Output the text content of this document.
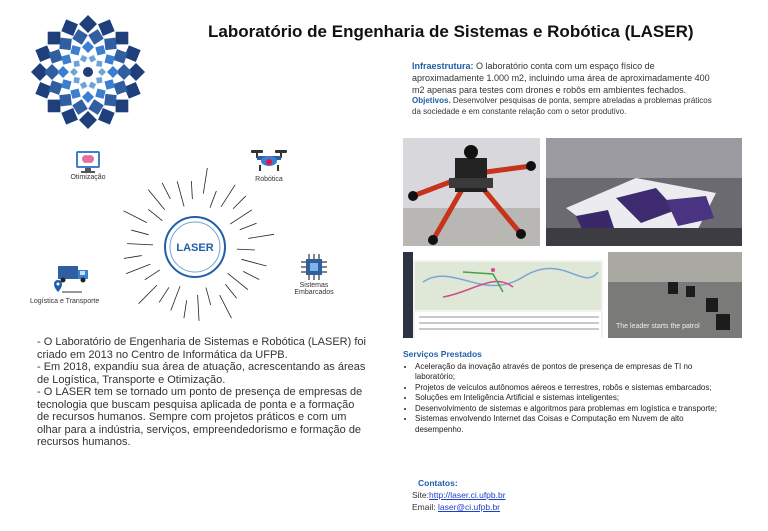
Laboratório de Engenharia de Sistemas e Robótica (LASER)
LASER
Otimização	Robótica
Logística e Transporte
Sistemas Embarcados
Infraestrutura: O laboratório conta com um espaço físico de aproximadamente 1.000 m2, incluindo uma área de aproximadamente 400 m2 apenas para testes com drones e robôs em ambientes fechados.
Objetivos. Desenvolver pesquisas de ponta, sempre atreladas a problemas práticos da sociedade e em constante relação com o setor produtivo.
The leader starts the patrol

- O Laboratório de Engenharia de Sistemas e Robótica (LASER) foi criado em 2013 no Centro de Informática da UFPB.

- Em 2018, expandiu sua área de atuação, acrescentando as áreas de Logística, Transporte e Otimização.

- O LASER tem se tornado um ponto de presença de empresas de tecnologia que buscam pesquisa aplicada de ponta e a formação de recursos humanos. Sempre com projetos práticos e com um olhar para a indústria, serviços, empreendedorismo e formação de recursos humanos.

Serviços Prestados
• Aceleração da inovação através de pontos de presença de empresas de TI no laboratório;
• Projetos de veículos autônomos aéreos e terrestres, robôs e sistemas embarcados;
• Soluções em Inteligência Artificial e sistemas inteligentes;
• Desenvolvimento de sistemas e algoritmos para problemas em logística e transporte;
• Sistemas envolvendo Internet das Coisas e Computação em Nuvem de alto desempenho.
Contatos:
Site:http://laser.ci.ufpb.br
Email: laser@ci.ufpb.br
